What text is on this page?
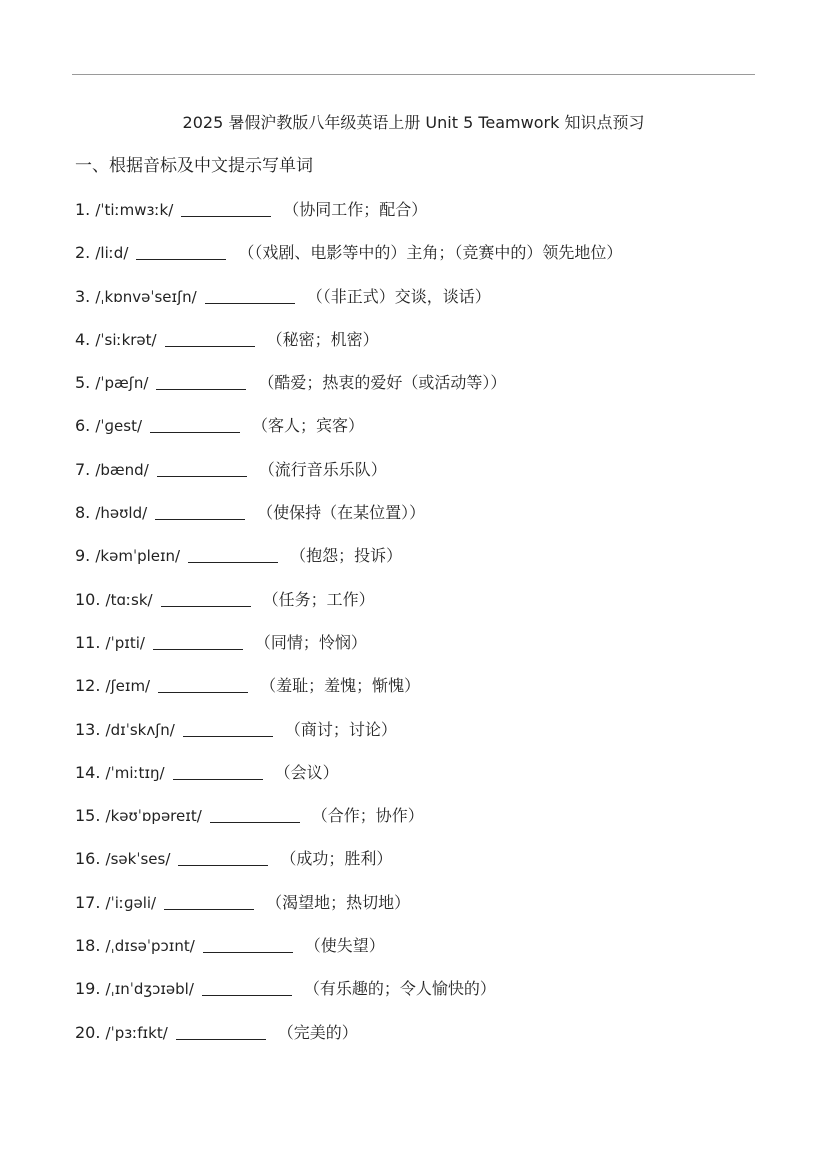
2025 暑假沪教版八年级英语上册 Unit 5 Teamwork 知识点预习
一、根据音标及中文提示写单词
1.
/ˈtiːmwɜːk/	（协同工作；配合）
2.
/liːd/	（（戏剧、电影等中的）主角；（竞赛中的）领先地位）
3.
/ˌkɒnvəˈseɪʃn/	（（非正式）交谈，谈话）
4.
/ˈsiːkrət/	（秘密；机密）
5.
/ˈpæʃn/	（酷爱；热衷的爱好（或活动等））
6.
/ˈɡest/	（客人；宾客）
7.
/bænd/	（流行音乐乐队）
8.
/həʊld/	（使保持（在某位置））
9.
/kəmˈpleɪn/	（抱怨；投诉）
10.
/tɑːsk/	（任务；工作）
11.
/ˈpɪti/	（同情；怜悯）
12.
/ʃeɪm/	（羞耻；羞愧；惭愧）
13.
/dɪˈskʌʃn/	（商讨；讨论）
14.
/ˈmiːtɪŋ/	（会议）
15.
/kəʊˈɒpəreɪt/	（合作；协作）
16.
/səkˈses/	（成功；胜利）
17.
/ˈiːɡəli/	（渴望地；热切地）
18.
/ˌdɪsəˈpɔɪnt/	（使失望）
19.
/ˌɪnˈdʒɔɪəbl/	（有乐趣的；令人愉快的）
20.
/ˈpɜːfɪkt/	（完美的）
